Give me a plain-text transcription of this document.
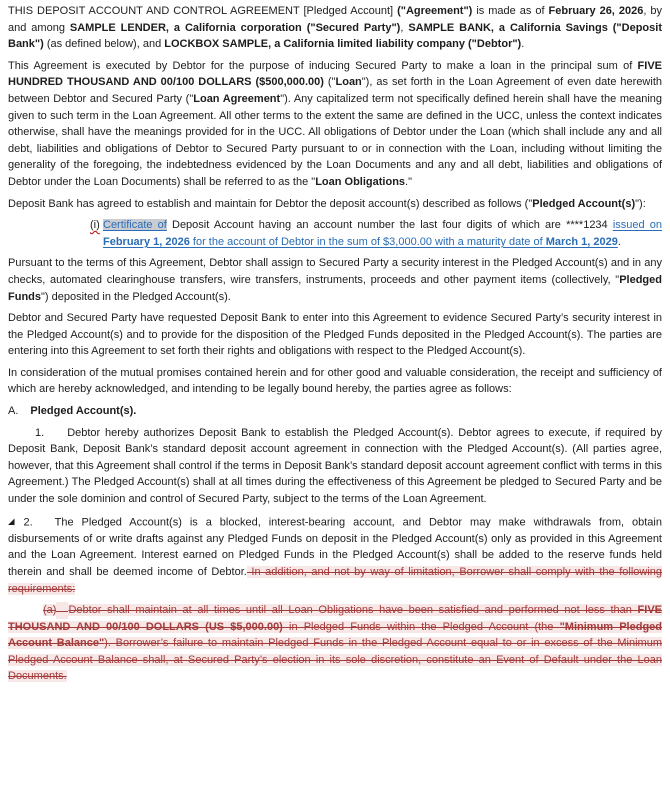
THIS DEPOSIT ACCOUNT AND CONTROL AGREEMENT [Pledged Account] ("Agreement") is made as of February 26, 2026, by and among SAMPLE LENDER, a California corporation ("Secured Party"), SAMPLE BANK, a California Savings ("Deposit Bank") (as defined below), and LOCKBOX SAMPLE, a California limited liability company ("Debtor").

This Agreement is executed by Debtor for the purpose of inducing Secured Party to make a loan in the principal sum of FIVE HUNDRED THOUSAND AND 00/100 DOLLARS ($500,000.00) ("Loan"), as set forth in the Loan Agreement of even date herewith between Debtor and Secured Party ("Loan Agreement"). Any capitalized term not specifically defined herein shall have the meaning given to such term in the Loan Agreement. All other terms to the extent the same are defined in the UCC, unless the context indicates otherwise, shall have the meanings provided for in the UCC. All obligations of Debtor under the Loan (which shall include any and all debt, liabilities and obligations of Debtor to Secured Party pursuant to or in connection with the Loan, including without limiting the generality of the foregoing, the indebtedness evidenced by the Loan Documents and any and all debt, liabilities and obligations of Debtor under the Loan Documents) shall be referred to as the "Loan Obligations."

Deposit Bank has agreed to establish and maintain for Debtor the deposit account(s) described as follows ("Pledged Account(s)"):

(i) Certificate of Deposit Account having an account number the last four digits of which are ****1234 issued on February 1, 2026 for the account of Debtor in the sum of $3,000.00 with a maturity date of March 1, 2029.

Pursuant to the terms of this Agreement, Debtor shall assign to Secured Party a security interest in the Pledged Account(s) and in any checks, automated clearinghouse transfers, wire transfers, instruments, proceeds and other payment items (collectively, "Pledged Funds") deposited in the Pledged Account(s).

Debtor and Secured Party have requested Deposit Bank to enter into this Agreement to evidence Secured Party’s security interest in the Pledged Account(s) and to provide for the disposition of the Pledged Funds deposited in the Pledged Account(s). The parties are entering into this Agreement to set forth their rights and obligations with respect to the Pledged Account(s).

In consideration of the mutual promises contained herein and for other good and valuable consideration, the receipt and sufficiency of which are hereby acknowledged, and intending to be legally bound hereby, the parties agree as follows:

A. Pledged Account(s).

1. Debtor hereby authorizes Deposit Bank to establish the Pledged Account(s). Debtor agrees to execute, if required by Deposit Bank, Deposit Bank’s standard deposit account agreement in connection with the Pledged Account(s). (All parties agree, however, that this Agreement shall control if the terms in Deposit Bank’s standard deposit account agreement conflict with terms in this Agreement.) The Pledged Account(s) shall at all times during the effectiveness of this Agreement be pledged to Secured Party and be under the sole dominion and control of Secured Party, subject to the terms of the Loan Agreement.

◢ 2. The Pledged Account(s) is a blocked, interest-bearing account, and Debtor may make withdrawals from, obtain disbursements of or write drafts against any Pledged Funds on deposit in the Pledged Account(s) only as provided in this Agreement and the Loan Agreement. Interest earned on Pledged Funds in the Pledged Account(s) shall be added to the reserve funds held therein and shall be deemed income of Debtor. In addition, and not by way of limitation, Borrower shall comply with the following requirements:

(a) Debtor shall maintain at all times until all Loan Obligations have been satisfied and performed not less than FIVE THOUSAND AND 00/100 DOLLARS (US $5,000.00) in Pledged Funds within the Pledged Account (the "Minimum Pledged Account Balance"). Borrower’s failure to maintain Pledged Funds in the Pledged Account equal to or in excess of the Minimum Pledged Account Balance shall, at Secured Party’s election in its sole discretion, constitute an Event of Default under the Loan Documents.
